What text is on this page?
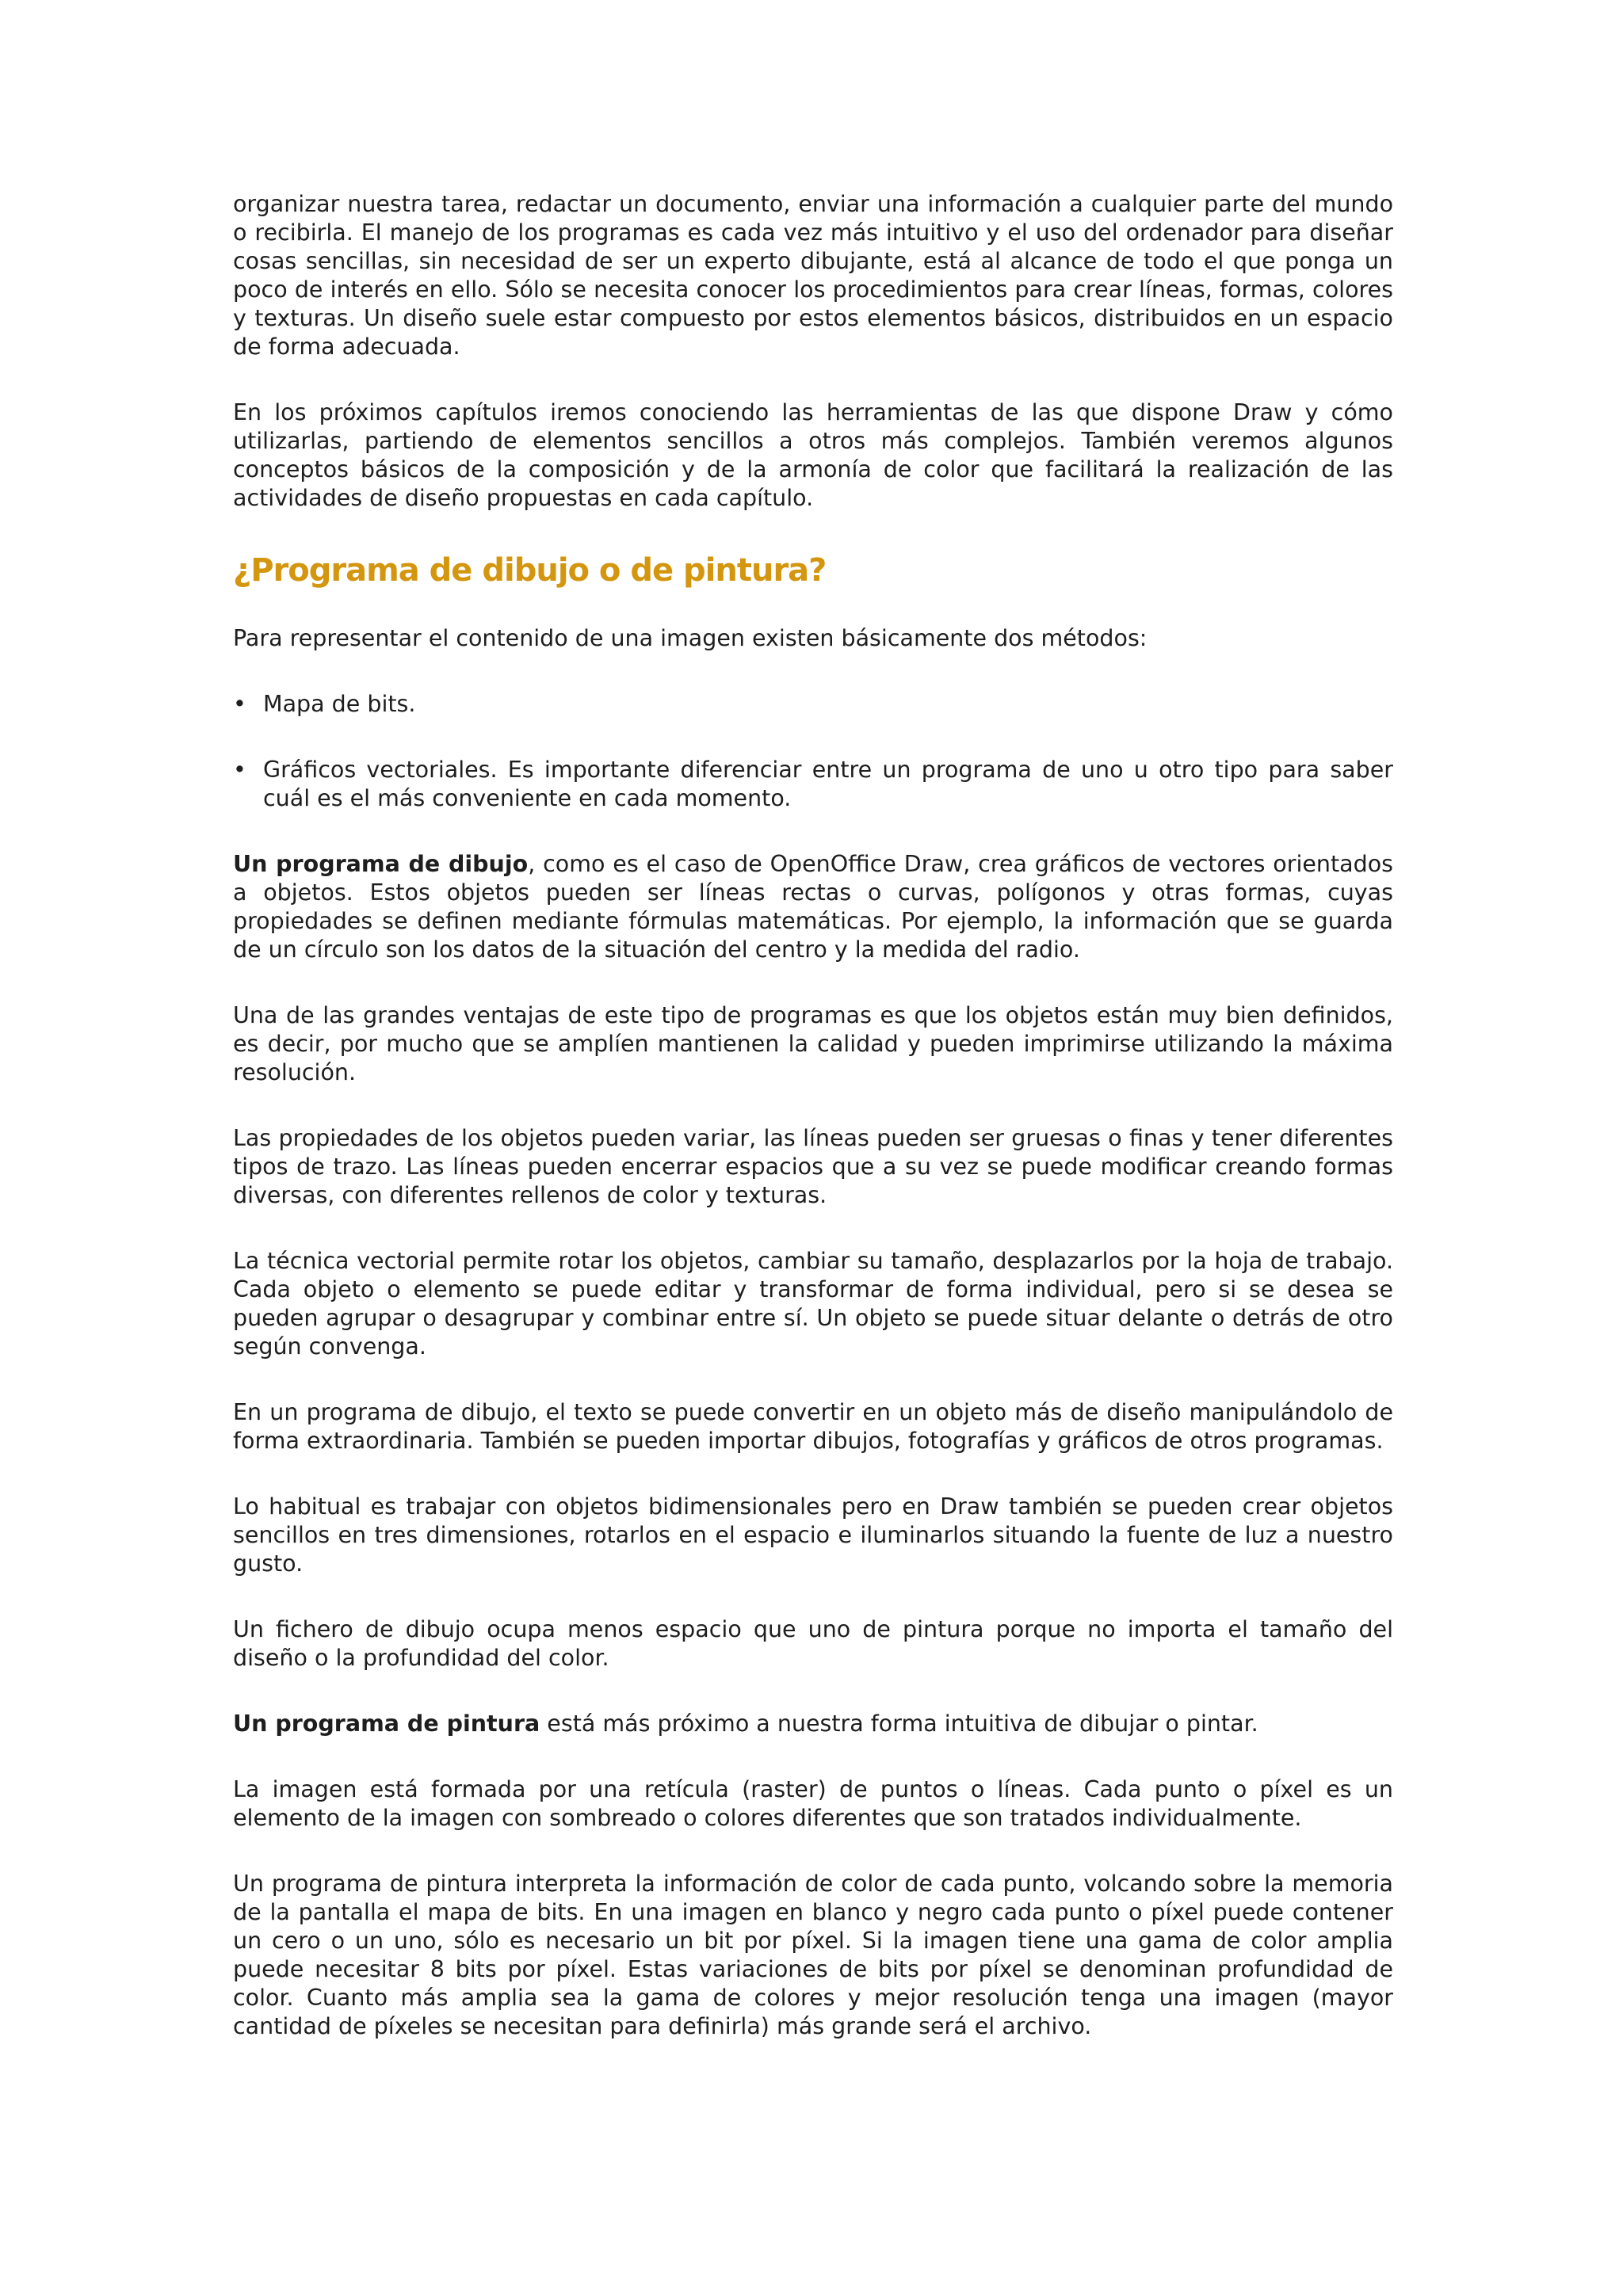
organizar nuestra tarea, redactar un documento, enviar una información a cualquier parte del mundo o recibirla. El manejo de los programas es cada vez más intuitivo y el uso del ordenador para diseñar cosas sencillas, sin necesidad de ser un experto dibujante, está al alcance de todo el que ponga un poco de interés en ello. Sólo se necesita conocer los procedimientos para crear líneas, formas, colores y texturas. Un diseño suele estar compuesto por estos elementos básicos, distribuidos en un espacio de forma adecuada.

En los próximos capítulos iremos conociendo las herramientas de las que dispone Draw y cómo utilizarlas, partiendo de elementos sencillos a otros más complejos. También veremos algunos conceptos básicos de la composición y de la armonía de color que facilitará la realización de las actividades de diseño propuestas en cada capítulo.

¿Programa de dibujo o de pintura?

Para representar el contenido de una imagen existen básicamente dos métodos:

• Mapa de bits.
• Gráficos vectoriales. Es importante diferenciar entre un programa de uno u otro tipo para saber cuál es el más conveniente en cada momento.

Un programa de dibujo, como es el caso de OpenOffice Draw, crea gráficos de vectores orientados a objetos. Estos objetos pueden ser líneas rectas o curvas, polígonos y otras formas, cuyas propiedades se definen mediante fórmulas matemáticas. Por ejemplo, la información que se guarda de un círculo son los datos de la situación del centro y la medida del radio.

Una de las grandes ventajas de este tipo de programas es que los objetos están muy bien definidos, es decir, por mucho que se amplíen mantienen la calidad y pueden imprimirse utilizando la máxima resolución.

Las propiedades de los objetos pueden variar, las líneas pueden ser gruesas o finas y tener diferentes tipos de trazo. Las líneas pueden encerrar espacios que a su vez se puede modificar creando formas diversas, con diferentes rellenos de color y texturas.

La técnica vectorial permite rotar los objetos, cambiar su tamaño, desplazarlos por la hoja de trabajo. Cada objeto o elemento se puede editar y transformar de forma individual, pero si se desea se pueden agrupar o desagrupar y combinar entre sí. Un objeto se puede situar delante o detrás de otro según convenga.

En un programa de dibujo, el texto se puede convertir en un objeto más de diseño manipulándolo de forma extraordinaria. También se pueden importar dibujos, fotografías y gráficos de otros programas.

Lo habitual es trabajar con objetos bidimensionales pero en Draw también se pueden crear objetos sencillos en tres dimensiones, rotarlos en el espacio e iluminarlos situando la fuente de luz a nuestro gusto.

Un fichero de dibujo ocupa menos espacio que uno de pintura porque no importa el tamaño del diseño o la profundidad del color.

Un programa de pintura está más próximo a nuestra forma intuitiva de dibujar o pintar.

La imagen está formada por una retícula (raster) de puntos o líneas. Cada punto o píxel es un elemento de la imagen con sombreado o colores diferentes que son tratados individualmente.

Un programa de pintura interpreta la información de color de cada punto, volcando sobre la memoria de la pantalla el mapa de bits. En una imagen en blanco y negro cada punto o píxel puede contener un cero o un uno, sólo es necesario un bit por píxel. Si la imagen tiene una gama de color amplia puede necesitar 8 bits por píxel. Estas variaciones de bits por píxel se denominan profundidad de color. Cuanto más amplia sea la gama de colores y mejor resolución tenga una imagen (mayor cantidad de píxeles se necesitan para definirla) más grande será el archivo.
